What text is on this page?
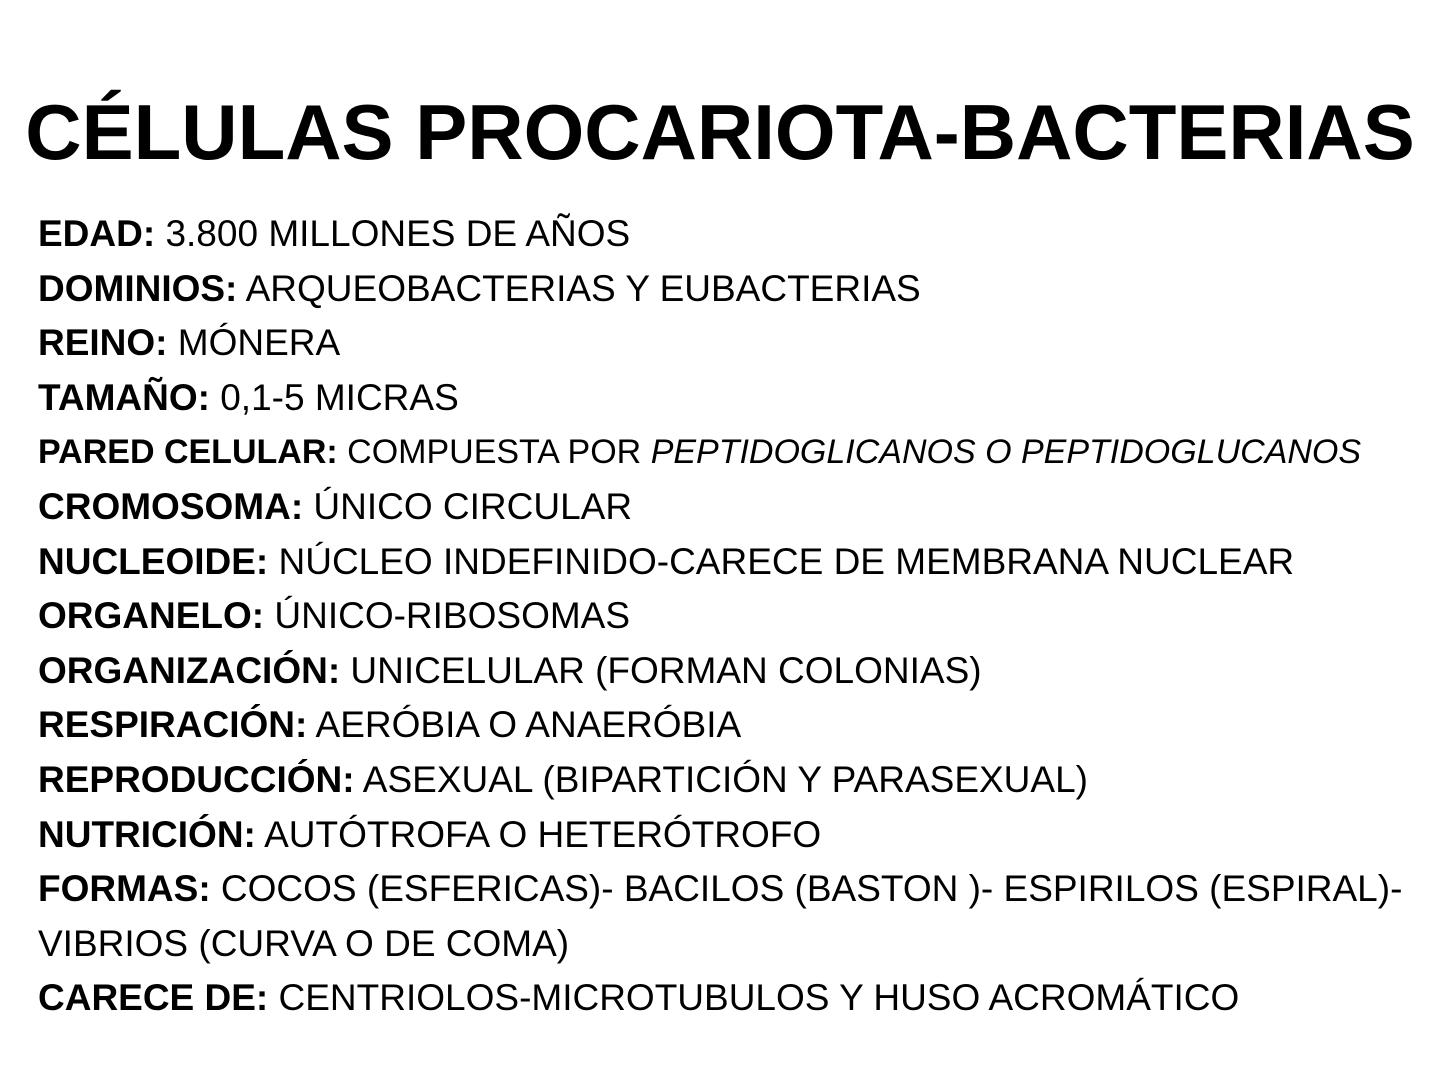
CÉLULAS PROCARIOTA-BACTERIAS
EDAD: 3.800 MILLONES DE AÑOS
DOMINIOS: ARQUEOBACTERIAS Y EUBACTERIAS
REINO: MÓNERA
TAMAÑO: 0,1-5 MICRAS
PARED CELULAR: COMPUESTA POR PEPTIDOGLICANOS O PEPTIDOGLUCANOS
CROMOSOMA: ÚNICO CIRCULAR
NUCLEOIDE: NÚCLEO INDEFINIDO-CARECE DE MEMBRANA NUCLEAR
ORGANELO: ÚNICO-RIBOSOMAS
ORGANIZACIÓN: UNICELULAR (FORMAN COLONIAS)
RESPIRACIÓN: AERÓBIA O ANAERÓBIA
REPRODUCCIÓN: ASEXUAL (BIPARTICIÓN Y PARASEXUAL)
NUTRICIÓN: AUTÓTROFA O HETERÓTROFO
FORMAS: COCOS (ESFERICAS)- BACILOS (BASTON )- ESPIRILOS (ESPIRAL)-
VIBRIOS (CURVA O DE COMA)
CARECE DE: CENTRIOLOS-MICROTUBULOS Y HUSO ACROMÁTICO
